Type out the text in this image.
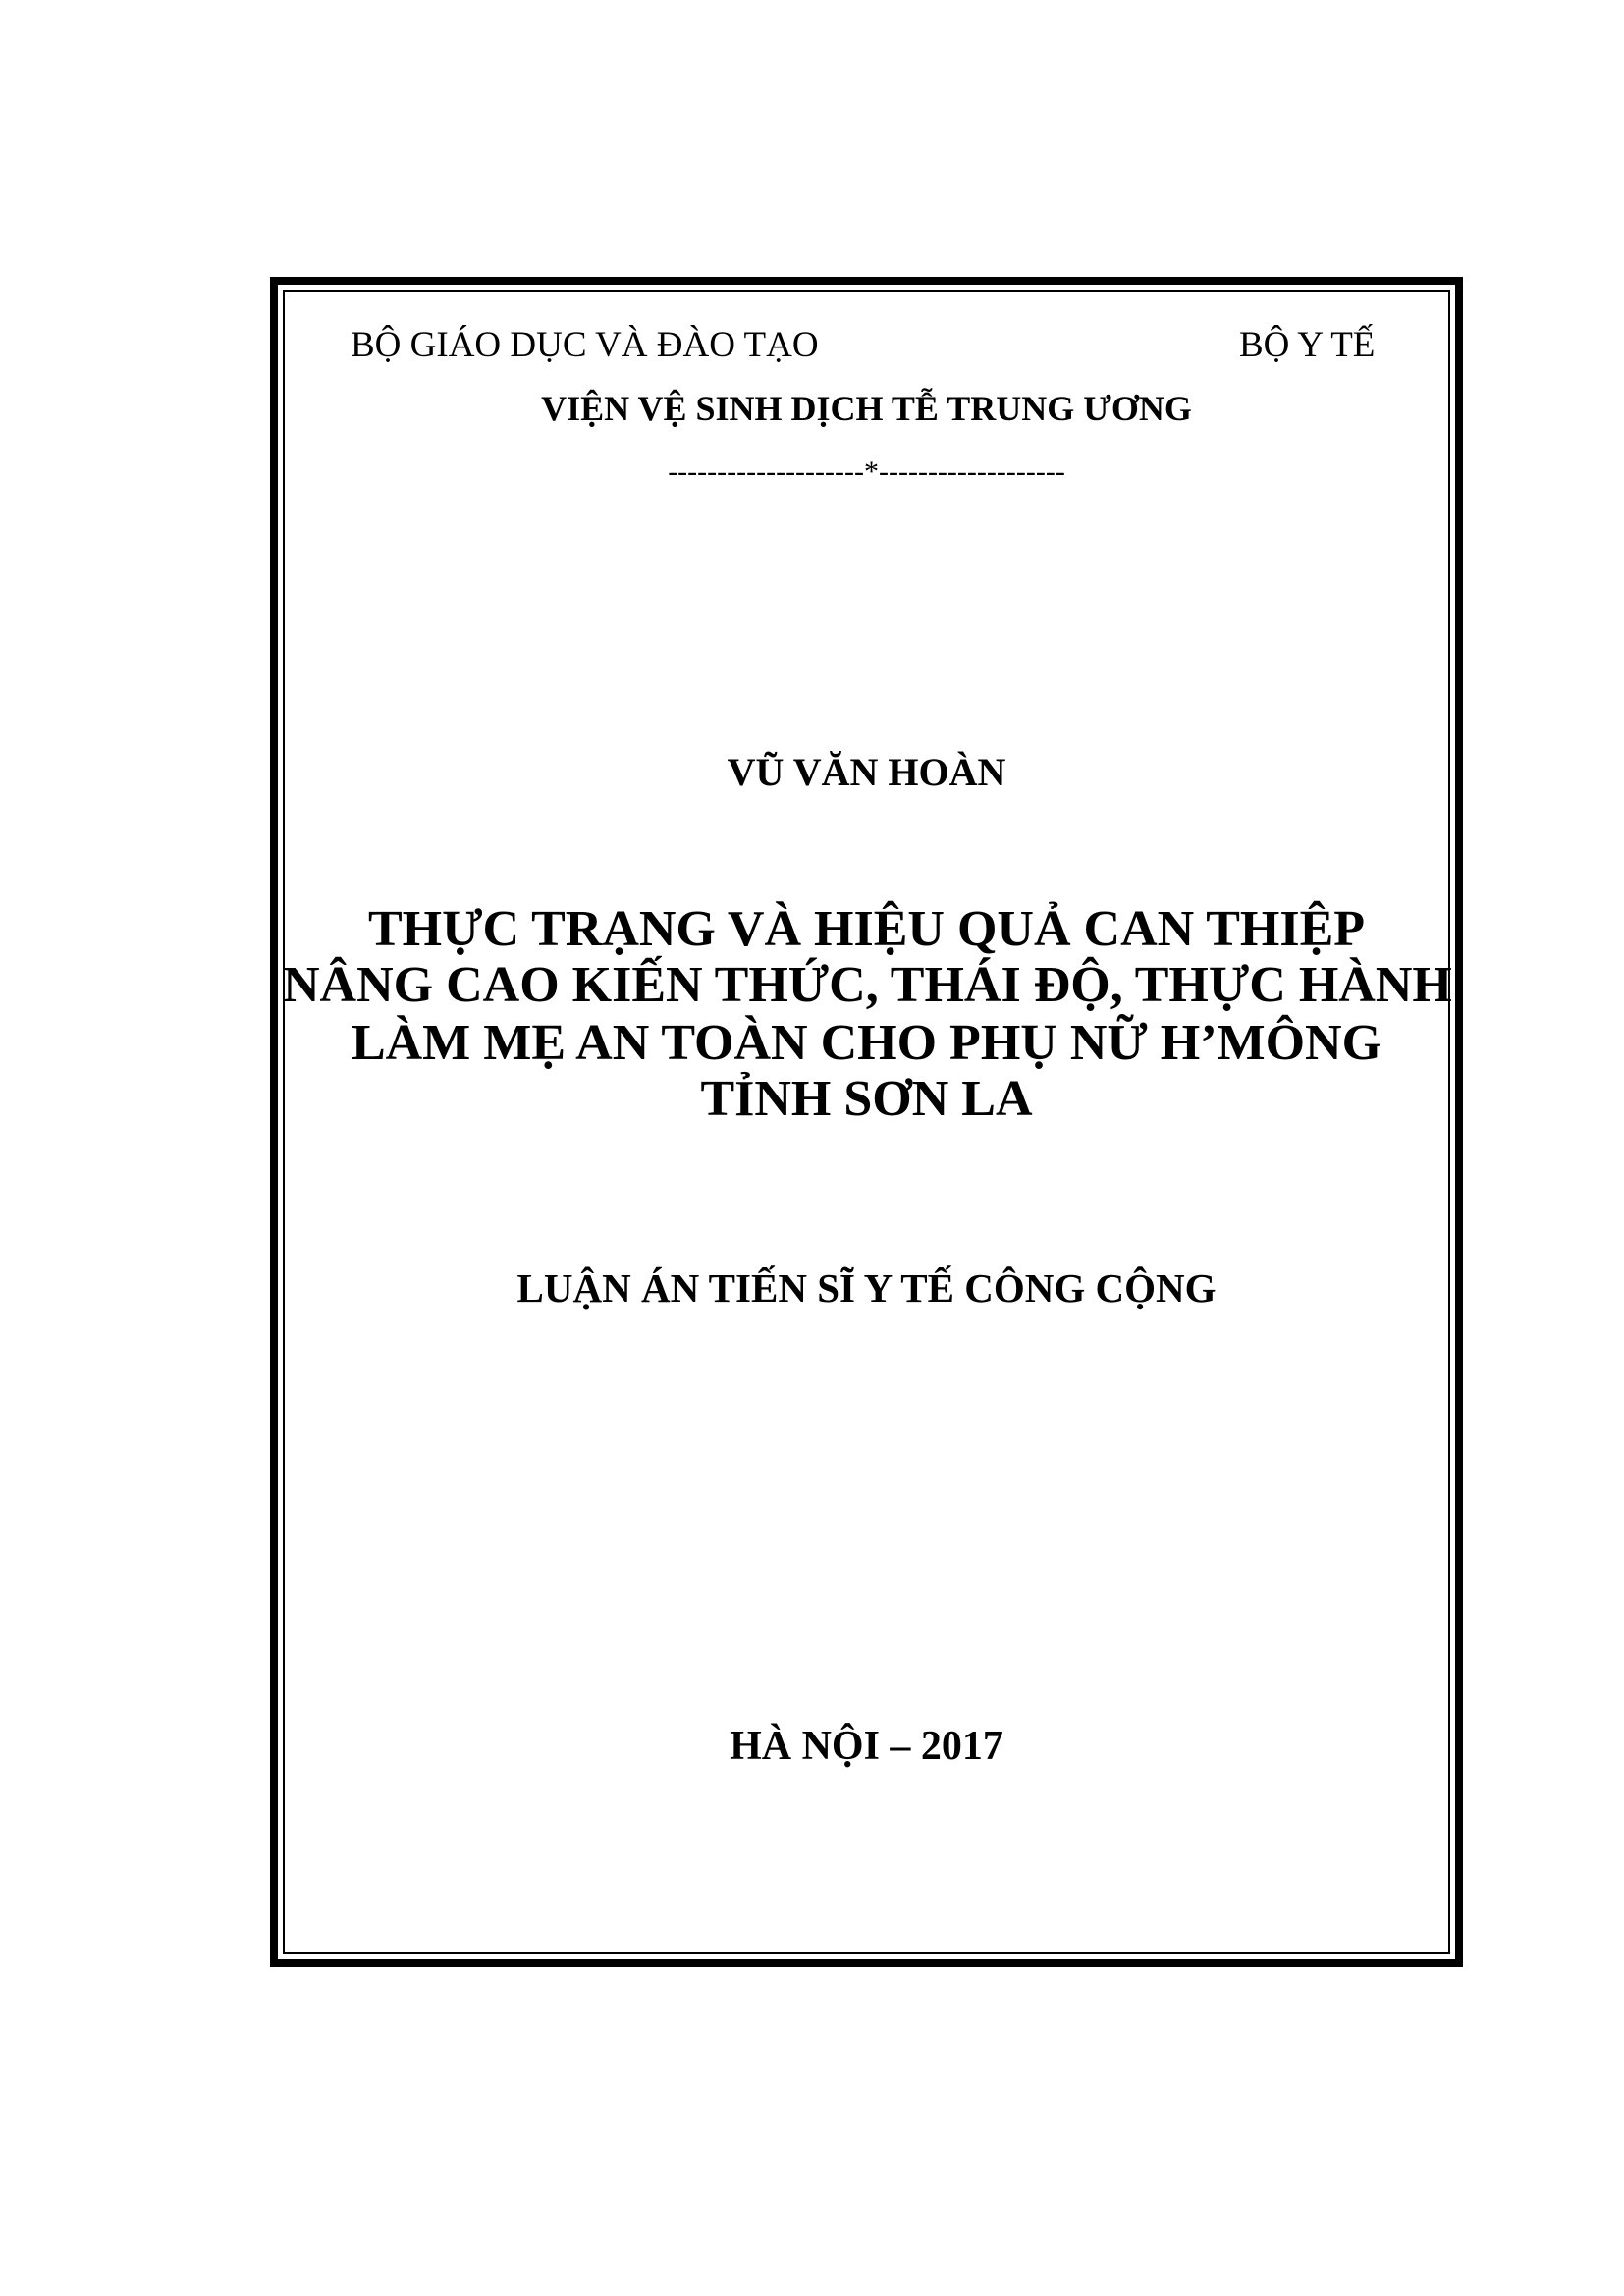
BỘ GIÁO DỤC VÀ ĐÀO TẠO	BỘ Y TẾ
VIỆN VỆ SINH DỊCH TỄ TRUNG ƯƠNG
--------------------*-------------------
VŨ VĂN HOÀN
THỰC TRẠNG VÀ HIỆU QUẢ CAN THIỆP
NÂNG CAO KIẾN THỨC, THÁI ĐỘ, THỰC HÀNH
LÀM MẸ AN TOÀN CHO PHỤ NỮ H’MÔNG
TỈNH SƠN LA
LUẬN ÁN TIẾN SĨ Y TẾ CÔNG CỘNG
HÀ NỘI – 2017
